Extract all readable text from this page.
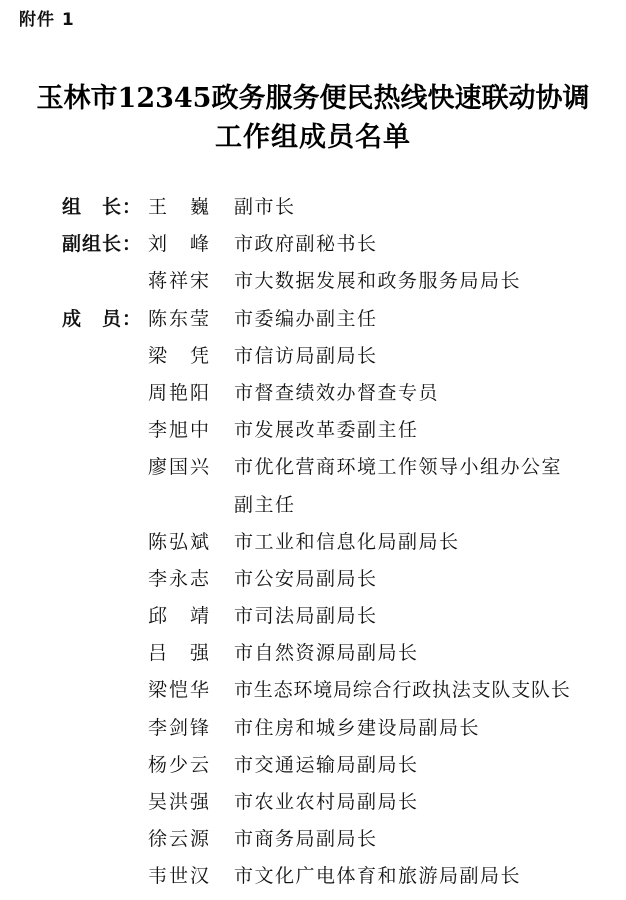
附件 1
玉林市12345政务服务便民热线快速联动协调
工作组成员名单
组　长： 王　巍 副市长
副组长： 刘　峰 市政府副秘书长
蒋祥宋 市大数据发展和政务服务局局长
成　员： 陈东莹 市委编办副主任
梁　凭 市信访局副局长
周艳阳 市督查绩效办督查专员
李旭中 市发展改革委副主任
廖国兴 市优化营商环境工作领导小组办公室
副主任
陈弘斌 市工业和信息化局副局长
李永志 市公安局副局长
邱　靖 市司法局副局长
吕　强 市自然资源局副局长
梁恺华 市生态环境局综合行政执法支队支队长
李剑锋 市住房和城乡建设局副局长
杨少云 市交通运输局副局长
吴洪强 市农业农村局副局长
徐云源 市商务局副局长
韦世汉 市文化广电体育和旅游局副局长
